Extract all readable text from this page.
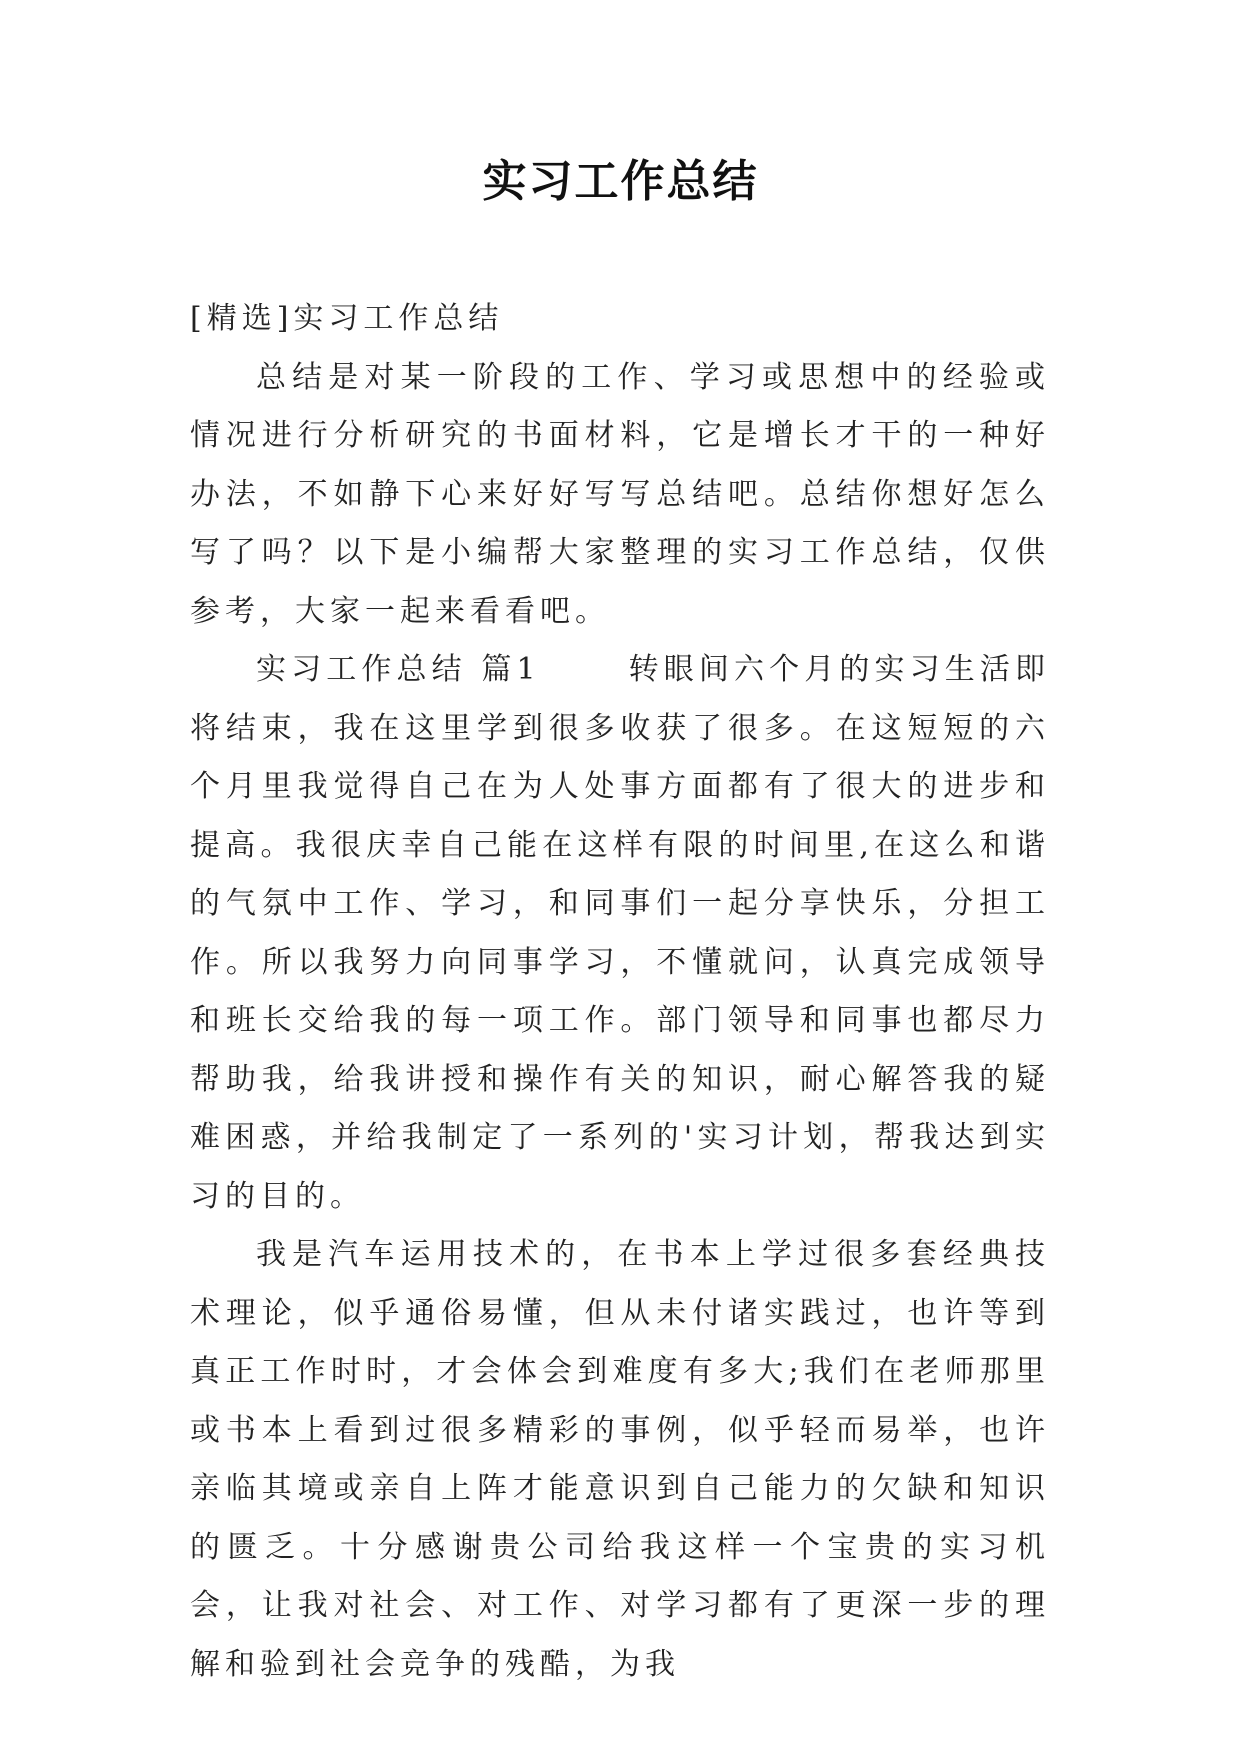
实习工作总结

[精选]实习工作总结

总结是对某一阶段的工作、学习或思想中的经验或情况进行分析研究的书面材料，它是增长才干的一种好办法，不如静下心来好好写写总结吧。总结你想好怎么写了吗？以下是小编帮大家整理的实习工作总结，仅供参考，大家一起来看看吧。

实习工作总结 篇1	转眼间六个月的实习生活即将结束，我在这里学到很多收获了很多。在这短短的六个月里我觉得自己在为人处事方面都有了很大的进步和提高。我很庆幸自己能在这样有限的时间里,在这么和谐的气氛中工作、学习，和同事们一起分享快乐，分担工作。所以我努力向同事学习，不懂就问，认真完成领导和班长交给我的每一项工作。部门领导和同事也都尽力帮助我，给我讲授和操作有关的知识，耐心解答我的疑难困惑，并给我制定了一系列的'实习计划，帮我达到实习的目的。

我是汽车运用技术的，在书本上学过很多套经典技术理论，似乎通俗易懂，但从未付诸实践过，也许等到真正工作时时，才会体会到难度有多大;我们在老师那里或书本上看到过很多精彩的事例，似乎轻而易举，也许亲临其境或亲自上阵才能意识到自己能力的欠缺和知识的匮乏。十分感谢贵公司给我这样一个宝贵的实习机会，让我对社会、对工作、对学习都有了更深一步的理解和验到社会竞争的残酷，为我
